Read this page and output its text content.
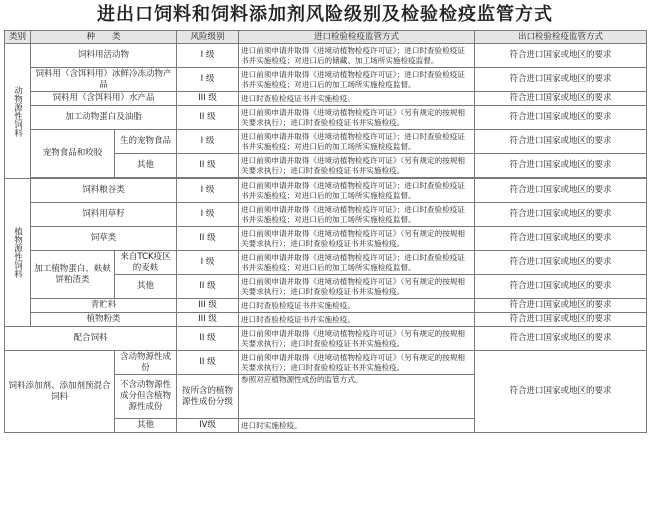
进出口饲料和饲料添加剂风险级别及检验检疫监管方式
类别	种　　类		风险级别	进口检验检疫监管方式	出口检验检疫监管方式
动物源性饲料	饲料用活动物		I 级	进口前须申请并取得《进境动植物检疫许可证》；进口时查验检疫证书并实施检疫；对进口后的储藏、加工场所实施检疫监督。	符合进口国家或地区的要求
	饲料用（含饵料用）冰鲜冷冻动物产品		I 级	进口前须申请并取得《进境动植物检疫许可证》；进口时查验检疫证书并实施检疫；对进口后的加工场所实施检疫监督。	符合进口国家或地区的要求
	饲料用（含饵料用）水产品		III 级	进口时查验检疫证书并实施检疫。	符合进口国家或地区的要求
	加工动物蛋白及油脂		II 级	进口前须申请并取得《进境动植物检疫许可证》（另有规定的按规相关要求执行）；进口时查验检疫证书并实施检疫。	符合进口国家或地区的要求
	宠物食品和咬胶	生的宠物食品	I 级	进口前须申请并取得《进境动植物检疫许可证》；进口时查验检疫证书并实施检疫；对进口后的加工场所实施检疫监督。	符合进口国家或地区的要求
		其他	II 级	进口前须申请并取得《进境动植物检疫许可证》（另有规定的按规相关要求执行）；进口时查验检疫证书并实施检疫。	符合进口国家或地区的要求

植物源性饲料	饲料粮谷类		I 级	进口前须申请并取得《进境动植物检疫许可证》；进口时查验检疫证书并实施检疫；对进口后的加工场所实施检疫监督。	符合进口国家或地区的要求
	饲料用草籽		I 级	进口前须申请并取得《进境动植物检疫许可证》；进口时查验检疫证书并实施检疫；对进口后的加工场所实施检疫监督。	符合进口国家或地区的要求
	饲草类		II 级	进口前须申请并取得《进境动植物检疫许可证》（另有规定的按规相关要求执行）；进口时查验检疫证书并实施检疫。	符合进口国家或地区的要求
	加工植物蛋白、麸麸饼粕渣类	来自TCK疫区的麦麸	I 级	进口前须申请并取得《进境动植物检疫许可证》；进口时查验检疫证书并实施检疫；对进口后的加工场所实施检疫监督。	符合进口国家或地区的要求
		其他	II 级	进口前须申请并取得《进境动植物检疫许可证》（另有规定的按规相关要求执行）；进口时查验检疫证书并实施检疫。	符合进口国家或地区的要求
	青贮料		III 级	进口时查验检疫证书并实施检疫。	符合进口国家或地区的要求
	植物粉类		III 级	进口时查验检疫证书并实施检疫。	符合进口国家或地区的要求
配合饲料			II 级	进口前须申请并取得《进境动植物检疫许可证》（另有规定的按规相关要求执行）；进口时查验检疫证书并实施检疫。	符合进口国家或地区的要求
饲料添加剂、添加剂预混合饲料		含动物源性成份	II 级	进口前须申请并取得《进境动植物检疫许可证》（另有规定的按规相关要求执行）；进口时查验检疫证书并实施检疫。	符合进口国家或地区的要求
		不含动物源性成分但含植物源性成份	按所含的植物源性成份分级	参照对应植物源性成份的监管方式。	
		其他	IV级	进口时实施检疫。	
